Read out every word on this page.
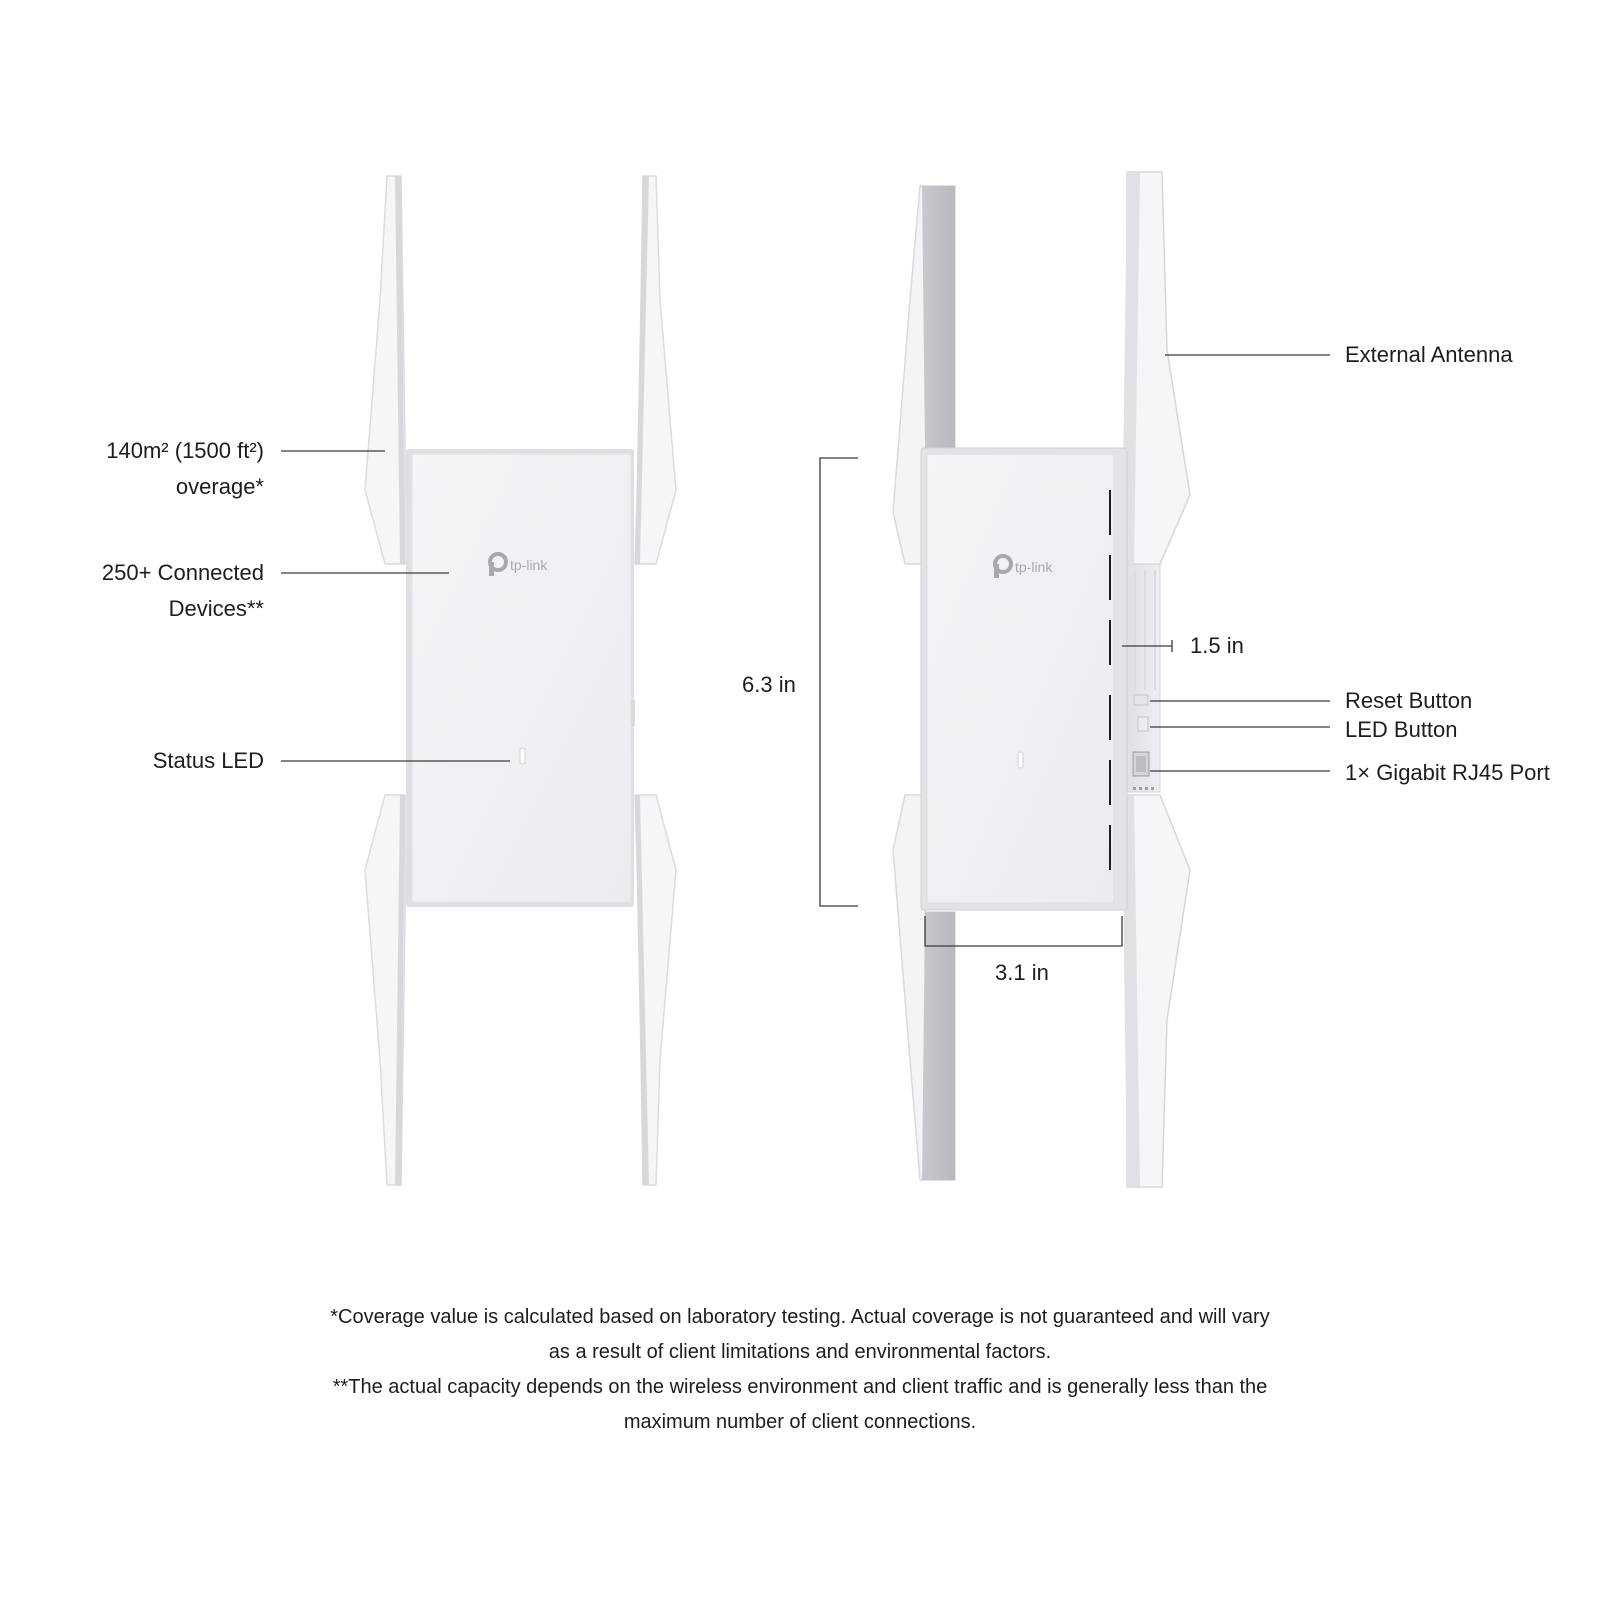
tp-link	tp-link
140m² (1500 ft²)
overage*
250+ Connected
Devices**
Status LED
6.3 in
1.5 in
3.1 in
External Antenna
Reset Button
LED Button
1× Gigabit RJ45 Port

*Coverage value is calculated based on laboratory testing. Actual coverage is not guaranteed and will vary

as a result of client limitations and environmental factors.

**The actual capacity depends on the wireless environment and client traffic and is generally less than the

maximum number of client connections.
